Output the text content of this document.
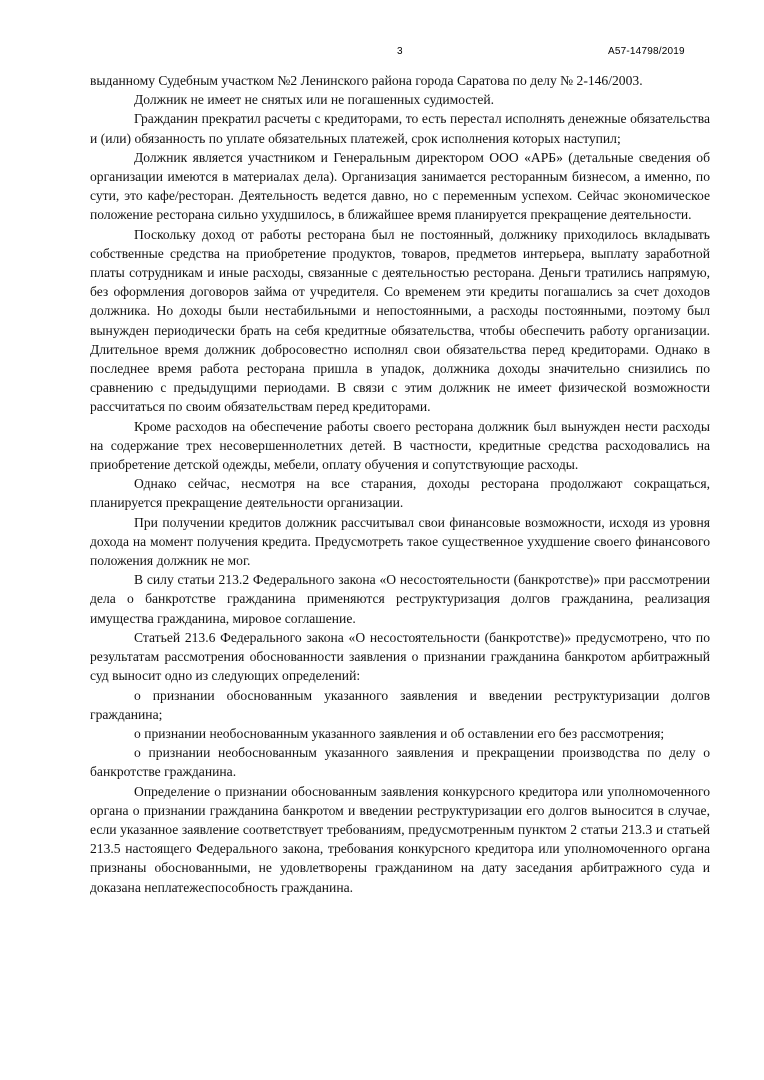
3	А57-14798/2019

выданному Судебным участком №2 Ленинского района города Саратова по делу № 2-146/2003.

Должник не имеет не снятых или не погашенных судимостей.

Гражданин прекратил расчеты с кредиторами, то есть перестал исполнять денежные обязательства и (или) обязанность по уплате обязательных платежей, срок исполнения которых наступил;

Должник является участником и Генеральным директором ООО «АРБ» (детальные сведения об организации имеются в материалах дела). Организация занимается ресторанным бизнесом, а именно, по сути, это кафе/ресторан. Деятельность ведется давно, но с переменным успехом. Сейчас экономическое положение ресторана сильно ухудшилось, в ближайшее время планируется прекращение деятельности.

Поскольку доход от работы ресторана был не постоянный, должнику приходилось вкладывать собственные средства на приобретение продуктов, товаров, предметов интерьера, выплату заработной платы сотрудникам и иные расходы, связанные с деятельностью ресторана. Деньги тратились напрямую, без оформления договоров займа от учредителя. Со временем эти кредиты погашались за счет доходов должника. Но доходы были нестабильными и непостоянными, а расходы постоянными, поэтому был вынужден периодически брать на себя кредитные обязательства, чтобы обеспечить работу организации. Длительное время должник добросовестно исполнял свои обязательства перед кредиторами. Однако в последнее время работа ресторана пришла в упадок, должника доходы значительно снизились по сравнению с предыдущими периодами. В связи с этим должник не имеет физической возможности рассчитаться по своим обязательствам перед кредиторами.

Кроме расходов на обеспечение работы своего ресторана должник был вынужден нести расходы на содержание трех несовершеннолетних детей. В частности, кредитные средства расходовались на приобретение детской одежды, мебели, оплату обучения и сопутствующие расходы.

Однако сейчас, несмотря на все старания, доходы ресторана продолжают сокращаться, планируется прекращение деятельности организации.

При получении кредитов должник рассчитывал свои финансовые возможности, исходя из уровня дохода на момент получения кредита. Предусмотреть такое существенное ухудшение своего финансового положения должник не мог.

В силу статьи 213.2 Федерального закона «О несостоятельности (банкротстве)» при рассмотрении дела о банкротстве гражданина применяются реструктуризация долгов гражданина, реализация имущества гражданина, мировое соглашение.

Статьей 213.6 Федерального закона «О несостоятельности (банкротстве)» предусмотрено, что по результатам рассмотрения обоснованности заявления о признании гражданина банкротом арбитражный суд выносит одно из следующих определений:

о признании обоснованным указанного заявления и введении реструктуризации долгов гражданина;

о признании необоснованным указанного заявления и об оставлении его без рассмотрения;

о признании необоснованным указанного заявления и прекращении производства по делу о банкротстве гражданина.

Определение о признании обоснованным заявления конкурсного кредитора или уполномоченного органа о признании гражданина банкротом и введении реструктуризации его долгов выносится в случае, если указанное заявление соответствует требованиям, предусмотренным пунктом 2 статьи 213.3 и статьей 213.5 настоящего Федерального закона, требования конкурсного кредитора или уполномоченного органа признаны обоснованными, не удовлетворены гражданином на дату заседания арбитражного суда и доказана неплатежеспособность гражданина.
